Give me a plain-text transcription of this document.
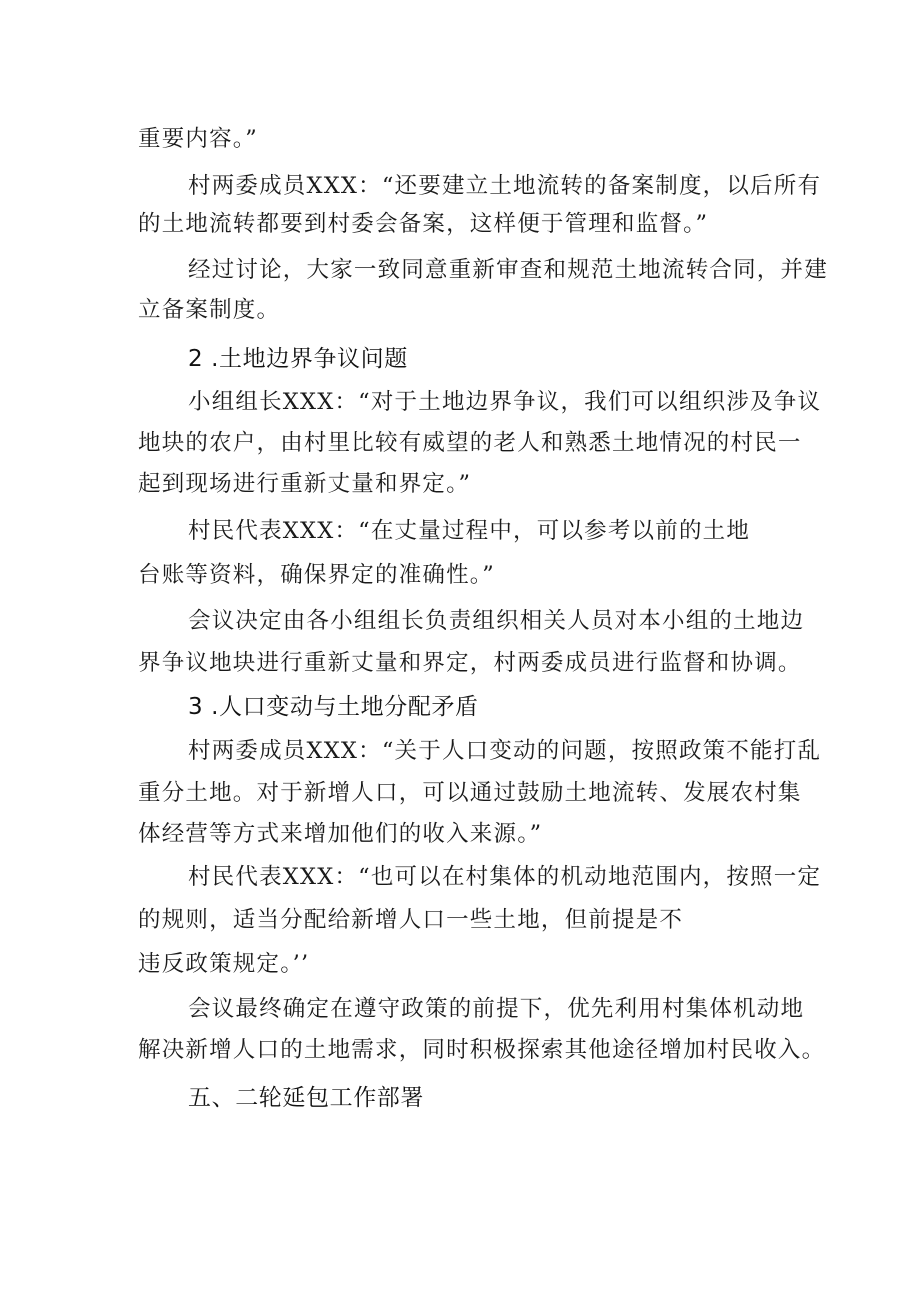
重要内容。”
村两委成员XXX：“还要建立土地流转的备案制度，以后所有
的土地流转都要到村委会备案，这样便于管理和监督。”
经过讨论，大家一致同意重新审查和规范土地流转合同，并建
立备案制度。
2 .土地边界争议问题
小组组长XXX：“对于土地边界争议，我们可以组织涉及争议
地块的农户，由村里比较有威望的老人和熟悉土地情况的村民一
起到现场进行重新丈量和界定。”
村民代表XXX：“在丈量过程中，可以参考以前的土地
台账等资料，确保界定的准确性。”
会议决定由各小组组长负责组织相关人员对本小组的土地边
界争议地块进行重新丈量和界定，村两委成员进行监督和协调。
3 .人口变动与土地分配矛盾
村两委成员XXX：“关于人口变动的问题，按照政策不能打乱
重分土地。对于新增人口，可以通过鼓励土地流转、发展农村集
体经营等方式来增加他们的收入来源。”
村民代表XXX：“也可以在村集体的机动地范围内，按照一定
的规则，适当分配给新增人口一些土地，但前提是不
违反政策规定。’’
会议最终确定在遵守政策的前提下，优先利用村集体机动地
解决新增人口的土地需求，同时积极探索其他途径增加村民收入。
五、二轮延包工作部署
